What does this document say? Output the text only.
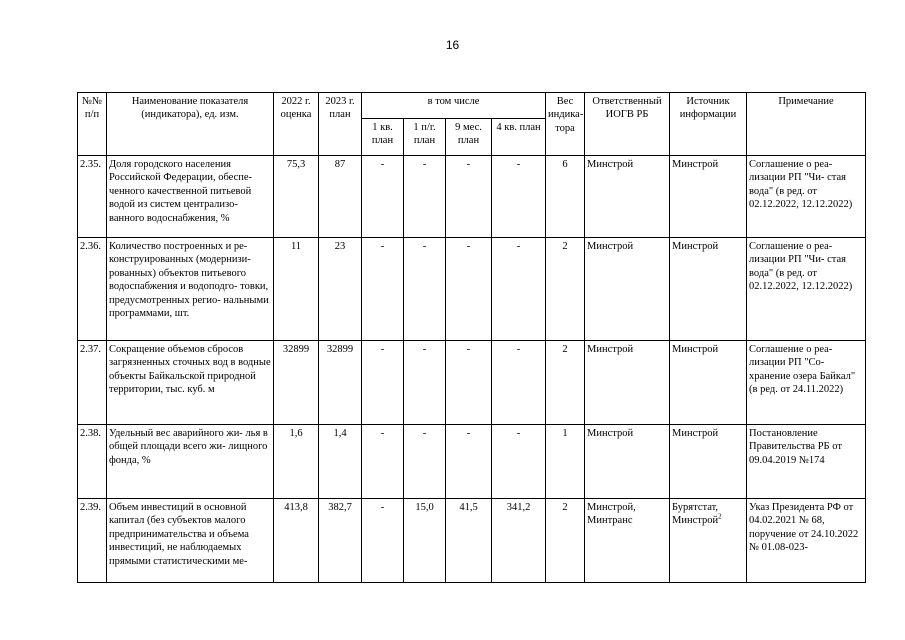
16
№№ п/п	Наименование показателя (индикатора), ед. изм.	2022 г. оценка	2023 г. план	в том числе				Вес индика- тора	Ответственный ИОГВ РБ	Источник информации	Примечание
				1 кв. план	1 п/г. план	9 мес. план	4 кв. план				
2.35.	Доля городского населения Российской Федерации, обеспе- ченного качественной питьевой водой из систем централизо- ванного водоснабжения, %	75,3	87	-	-	-	-	6	Минстрой	Минстрой	Соглашение о реа- лизации РП "Чи- стая вода" (в ред. от 02.12.2022, 12.12.2022)
2.36.	Количество построенных и ре- конструированных (модернизи- рованных) объектов питьевого водоспабжения и водоподго- товки, предусмотренных регио- нальными программами, шт.	11	23	-	-	-	-	2	Минстрой	Минстрой	Соглашение о реа- лизации РП "Чи- стая вода" (в ред. от 02.12.2022, 12.12.2022)
2.37.	Сокращение объемов сбросов загрязненных сточных вод в водные объекты Байкальской природной территории, тыс. куб. м	32899	32899	-	-	-	-	2	Минстрой	Минстрой	Соглашение о реа- лизации РП "Со- хранение озера Байкал"(в ред. от 24.11.2022)
2.38.	Удельный вес аварийного жи- лья в общей площади всего жи- лищного фонда, %	1,6	1,4	-	-	-	-	1	Минстрой	Минстрой	Постановление Правительства РБ от 09.04.2019 №174
2.39.	Объем инвестиций в основной капитал (без субъектов малого предпринимательства и объема инвестиций, не наблюдаемых прямыми статистическими ме-	413,8	382,7	-	15,0	41,5	341,2	2	Минстрой, Минтранс	Бурятстат, Минстрой$^2$	Указ Президента РФ от 04.02.2021 № 68, поручение от 24.10.2022 № 01.08-023-
